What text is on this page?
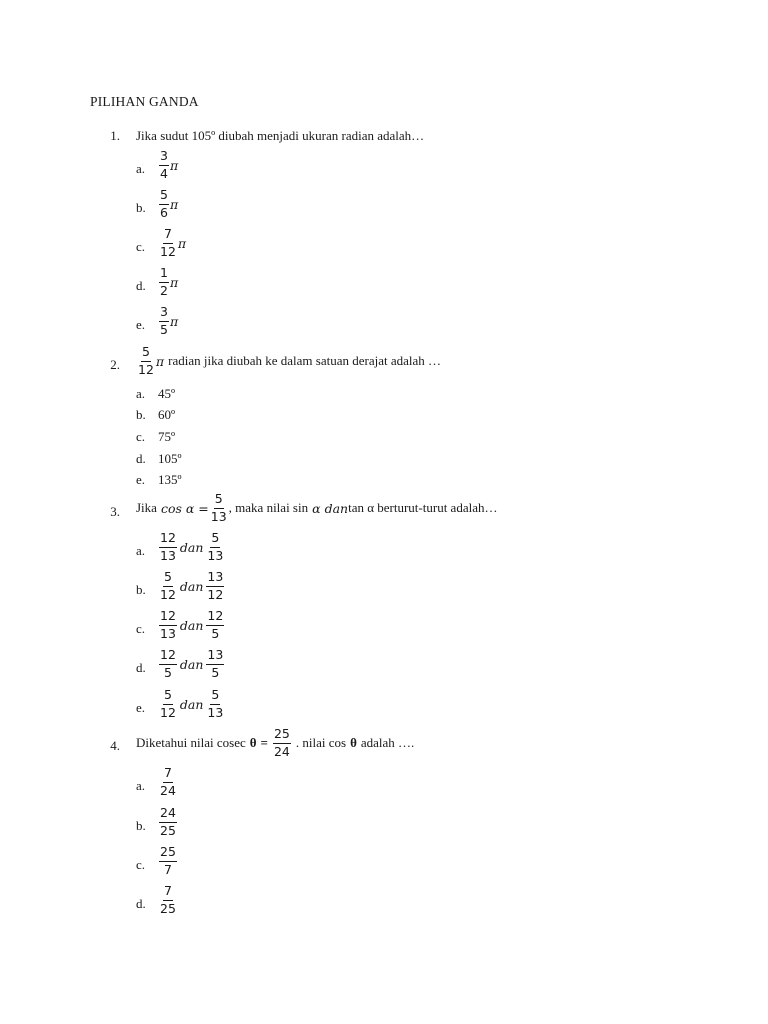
PILIHAN GANDA
1. Jika sudut 105º diubah menjadi ukuran radian adalah…
a. $\frac{3}{4}$ π
b. $\frac{5}{6}$ π
c. $\frac{7}{12}$ π
d. $\frac{1}{2}$ π
e. $\frac{3}{5}$ π
2. $\frac{5}{12}$ π radian jika diubah ke dalam satuan derajat adalah …
a. 45º
b. 60º
c. 75º
d. 105º
e. 135º
3. Jika $\cos \alpha = \frac{5}{13}$ , maka nilai sin α dan tan α berturut-turut adalah…
a. $\frac{12}{13}$ dan $\frac{5}{13}$
b. $\frac{5}{12}$ dan $\frac{13}{12}$
c. $\frac{12}{13}$ dan $\frac{12}{5}$
d. $\frac{12}{5}$ dan $\frac{13}{5}$
e. $\frac{5}{12}$ dan $\frac{5}{13}$
4. Diketahui nilai cosec $\theta = \frac{25}{24}$ . nilai cos θ adalah ….
a. $\frac{7}{24}$
b. $\frac{24}{25}$
c. $\frac{25}{7}$
d. $\frac{7}{25}$
